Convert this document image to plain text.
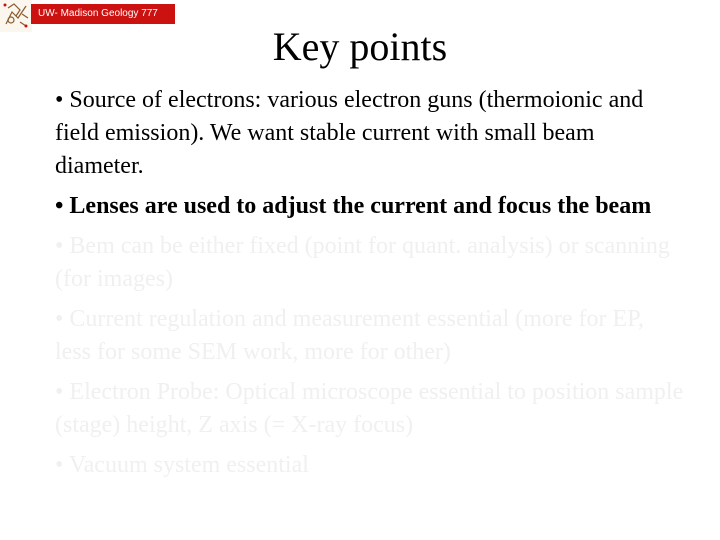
UW- Madison Geology 777
Key points
• Source of electrons: various electron guns (thermoionic and field emission). We want stable current with small beam diameter.
• Lenses are used to adjust the current and focus the beam
• Bem can be either fixed (point for quant. analysis) or scanning (for images)
• Current regulation and measurement essential (more for EP, less for some SEM work, more for other)
• Electron Probe: Optical microscope essential to position sample (stage) height, Z axis (= X-ray focus)
• Vacuum system essential
